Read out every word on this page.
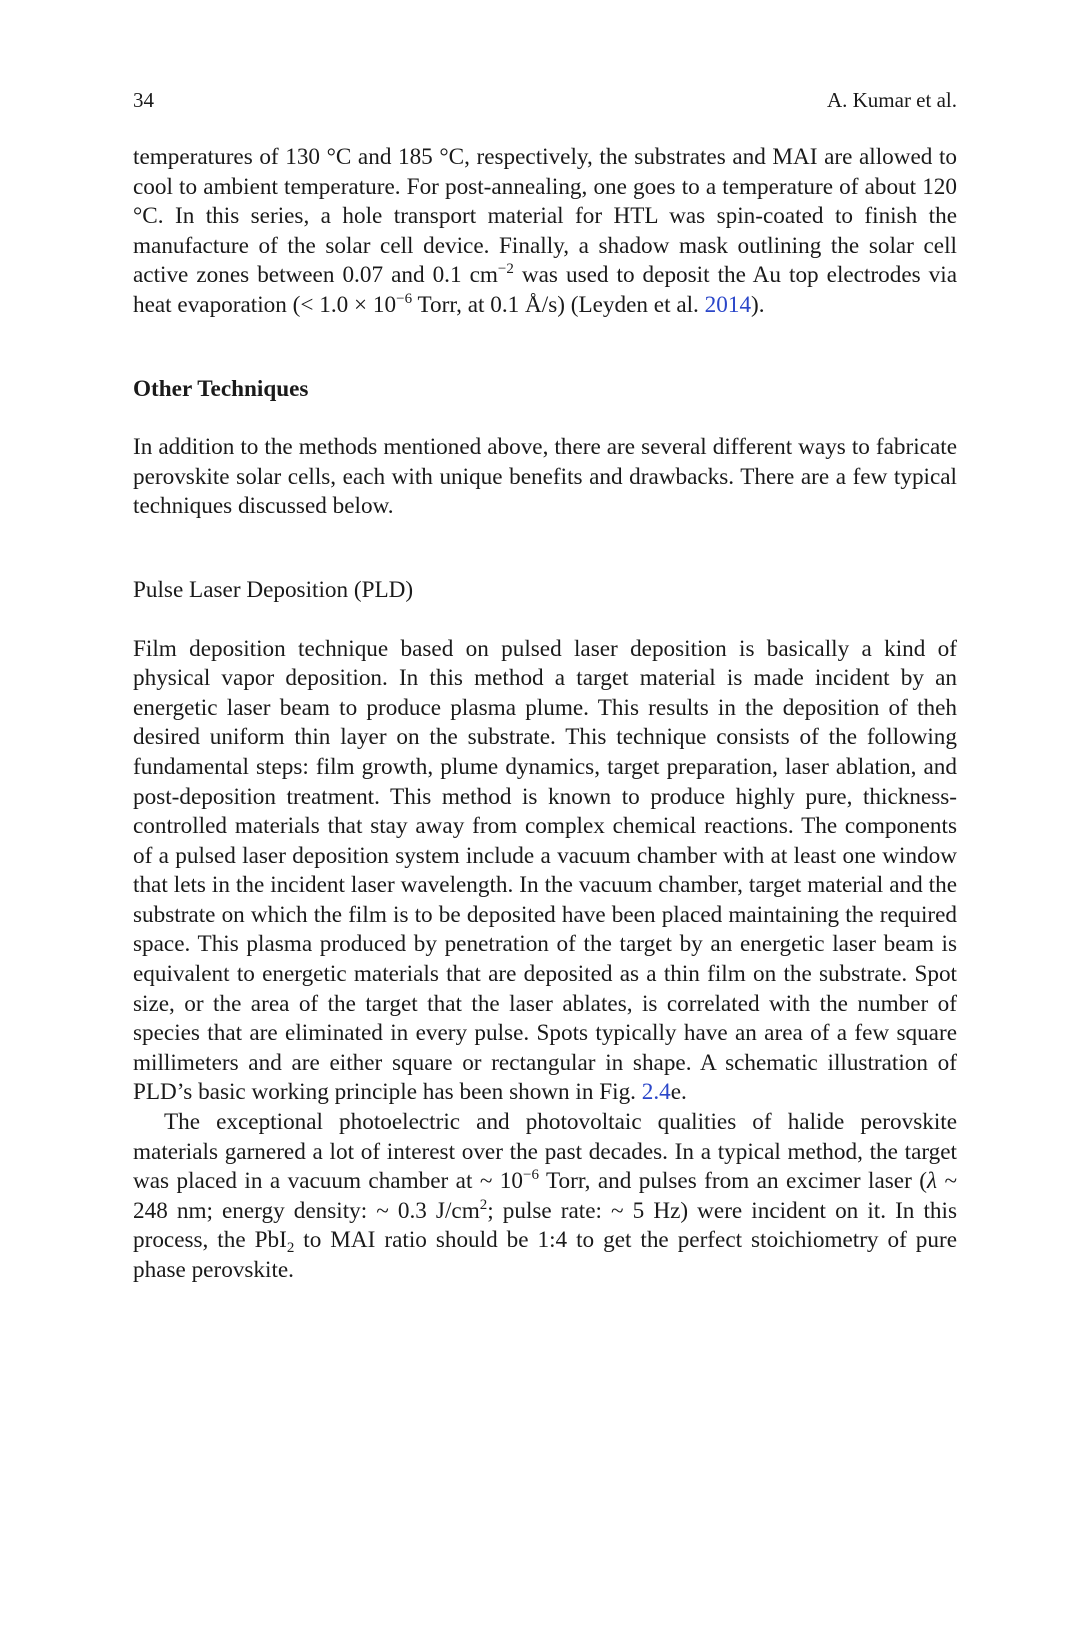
34	A. Kumar et al.

temperatures of 130 °C and 185 °C, respectively, the substrates and MAI are allowed to cool to ambient temperature. For post-annealing, one goes to a temperature of about 120 °C. In this series, a hole transport material for HTL was spin-coated to finish the manufacture of the solar cell device. Finally, a shadow mask outlining the solar cell active zones between 0.07 and 0.1 $cm^{-2}$ was used to deposit the Au top electrodes via heat evaporation (< $1.0 \times 10^{-6}$ Torr, at 0.1 Å/s) (Leyden et al. 2014).

Other Techniques

In addition to the methods mentioned above, there are several different ways to fabricate perovskite solar cells, each with unique benefits and drawbacks. There are a few typical techniques discussed below.

Pulse Laser Deposition (PLD)

Film deposition technique based on pulsed laser deposition is basically a kind of physical vapor deposition. In this method a target material is made incident by an energetic laser beam to produce plasma plume. This results in the deposition of theh desired uniform thin layer on the substrate. This technique consists of the following fundamental steps: film growth, plume dynamics, target preparation, laser ablation, and post-deposition treatment. This method is known to produce highly pure, thickness-controlled materials that stay away from complex chemical reactions. The components of a pulsed laser deposition system include a vacuum chamber with at least one window that lets in the incident laser wavelength. In the vacuum chamber, target material and the substrate on which the film is to be deposited have been placed maintaining the required space. This plasma produced by penetration of the target by an energetic laser beam is equivalent to energetic materials that are deposited as a thin film on the substrate. Spot size, or the area of the target that the laser ablates, is correlated with the number of species that are eliminated in every pulse. Spots typically have an area of a few square millimeters and are either square or rectangular in shape. A schematic illustration of PLD’s basic working principle has been shown in Fig. 2.4e.

The exceptional photoelectric and photovoltaic qualities of halide perovskite materials garnered a lot of interest over the past decades. In a typical method, the target was placed in a vacuum chamber at ~ $10^{-6}$ Torr, and pulses from an excimer laser (λ ~ 248 nm; energy density: ~ 0.3 $J/cm^2$; pulse rate: ~ 5 Hz) were incident on it. In this process, the PbI$_2$ to MAI ratio should be 1:4 to get the perfect stoichiometry of pure phase perovskite.
